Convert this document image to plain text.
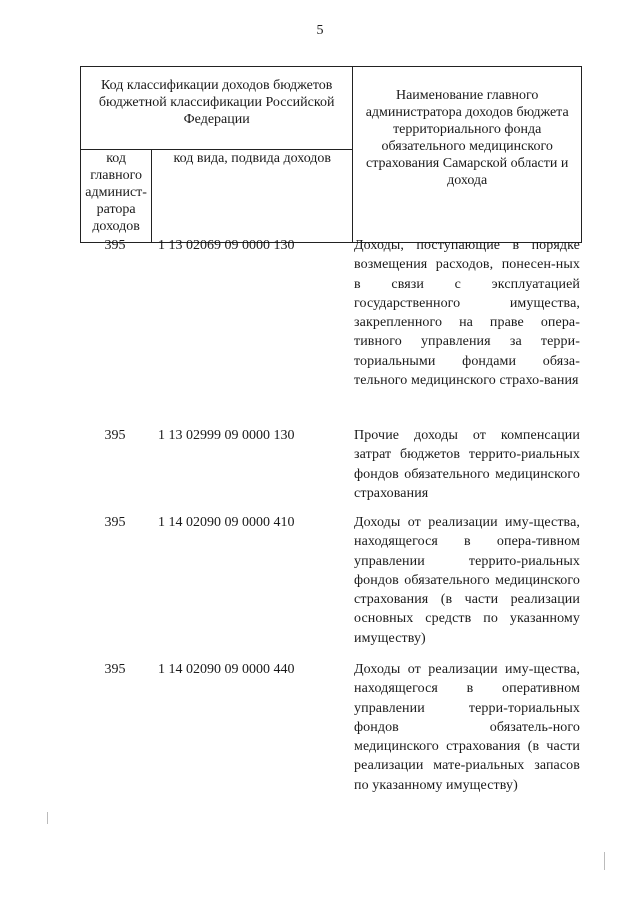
5
Код классификации доходов бюджетов бюджетной классификации Российской Федерации		Наименование главного администратора доходов бюджета территориального фонда обязательного медицинского страхования Самарской области и дохода

код главного админист-ратора доходов	код вида, подвида доходов	
395	1 13 02069 09 0000 130	Доходы, поступающие в порядке возмещения расходов, понесен-ных в связи с эксплуатацией государственного имущества, закрепленного на праве опера-тивного управления за терри-ториальными фондами обяза-тельного медицинского страхо-вания
395	1 13 02999 09 0000 130	Прочие доходы от компенсации затрат бюджетов террито-риальных фондов обязательного медицинского страхования
395	1 14 02090 09 0000 410	Доходы от реализации иму-щества, находящегося в опера-тивном управлении террито-риальных фондов обязательного медицинского страхования (в части реализации основных средств по указанному имуществу)
395	1 14 02090 09 0000 440	Доходы от реализации иму-щества, находящегося в оперативном управлении терри-ториальных фондов обязатель-ного медицинского страхования (в части реализации мате-риальных запасов по указанному имуществу)
